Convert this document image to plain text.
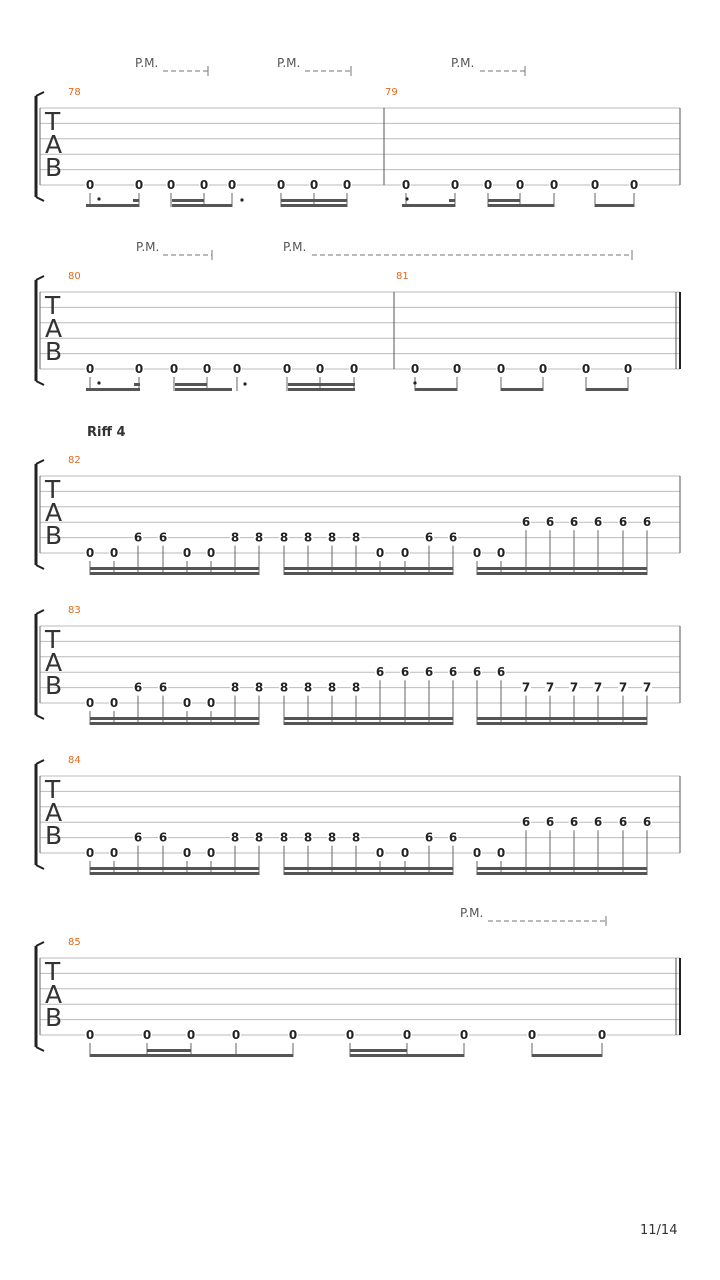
Riff 4
11/14
T
A
B
78
0	0 0 0 0	0 0 0
P.M.	P.M.
79
0	0 0 0 0	0	0
P.M.
T
A
B
80
0	0 0 0 0	0 0 0
P.M.	P.M.
81
0	0	0	0	0	0
T
A
B
82
0 0
6 6
0 0
8 8 8 8 8 8
0 0
6 6
0 0
6 6 6 6 6 6
T
A
B
83
0 0
6 6
0 0
8 8 8 8 8 8
6 6 6 6 6 6
7 7 7 7 7 7
T
A
B
84
0 0
6 6
0 0
8 8 8 8 8 8
0 0
6 6
0 0
6 6 6 6 6 6
T
A
B
85
0	0	0	0	0	0	0	0	0	0
P.M.
